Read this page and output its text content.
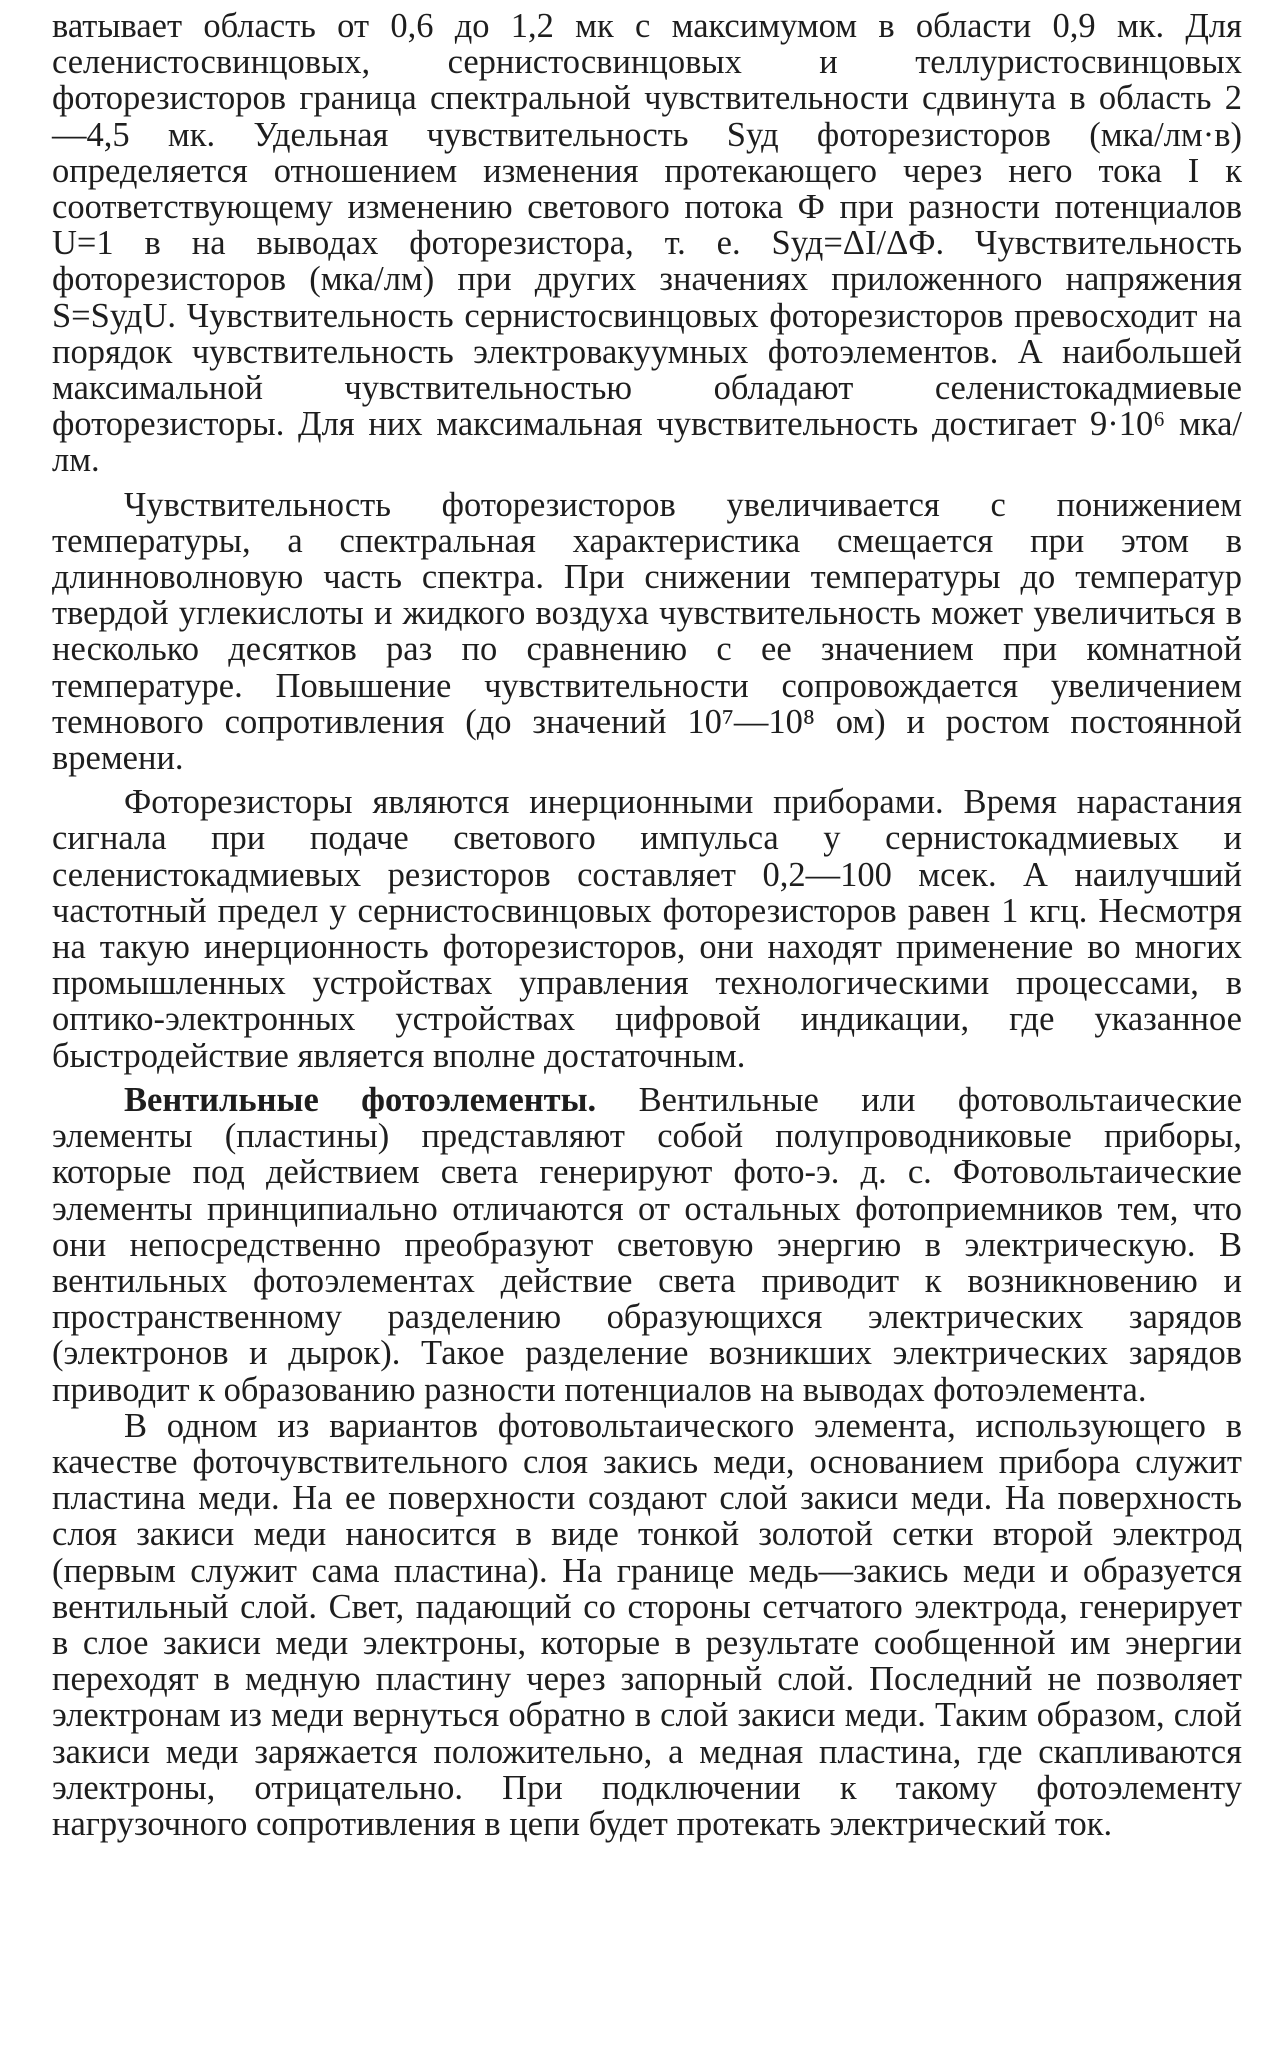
ватывает область от 0,6 до 1,2 мк с максимумом в области 0,9 мк. Для селенистосвинцовых, сернистосвинцовых и теллуристосвинцовых фоторезисторов граница спектральной чувствительности сдвинута в область 2—4,5 мк. Удельная чувствительность Sуд фоторезисторов (мка/лм·в) определяется отношением изменения протекающего через него тока I к соответствующему изменению светового потока Ф при разности потенциалов U=1 в на выводах фоторезистора, т. е. Sуд=ΔI/ΔФ. Чувствительность фоторезисторов (мка/лм) при других значениях приложенного напряжения S=SудU. Чувствительность сернистосвинцовых фоторезисторов превосходит на порядок чувствительность электровакуумных фотоэлементов. А наибольшей максимальной чувствительностью обладают селенистокадмиевые фоторезисторы. Для них максимальная чувствительность достигает 9·10⁶ мка/лм.

Чувствительность фоторезисторов увеличивается с понижением температуры, а спектральная характеристика смещается при этом в длинноволновую часть спектра. При снижении температуры до температур твердой углекислоты и жидкого воздуха чувствительность может увеличиться в несколько десятков раз по сравнению с ее значением при комнатной температуре. Повышение чувствительности сопровождается увеличением темнового сопротивления (до значений 10⁷—10⁸ ом) и ростом постоянной времени.

Фоторезисторы являются инерционными приборами. Время нарастания сигнала при подаче светового импульса у сернистокадмиевых и селенистокадмиевых резисторов составляет 0,2—100 мсек. А наилучший частотный предел у сернистосвинцовых фоторезисторов равен 1 кгц. Несмотря на такую инерционность фоторезисторов, они находят применение во многих промышленных устройствах управления технологическими процессами, в оптико-электронных устройствах цифровой индикации, где указанное быстродействие является вполне достаточным.

Вентильные фотоэлементы. Вентильные или фотовольтаические элементы (пластины) представляют собой полупроводниковые приборы, которые под действием света генерируют фото-э. д. с. Фотовольтаические элементы принципиально отличаются от остальных фотоприемников тем, что они непосредственно преобразуют световую энергию в электрическую. В вентильных фотоэлементах действие света приводит к возникновению и пространственному разделению образующихся электрических зарядов (электронов и дырок). Такое разделение возникших электрических зарядов приводит к образованию разности потенциалов на выводах фотоэлемента.

В одном из вариантов фотовольтаического элемента, использующего в качестве фоточувствительного слоя закись меди, основанием прибора служит пластина меди. На ее поверхности создают слой закиси меди. На поверхность слоя закиси меди наносится в виде тонкой золотой сетки второй электрод (первым служит сама пластина). На границе медь—закись меди и образуется вентильный слой. Свет, падающий со стороны сетчатого электрода, генерирует в слое закиси меди электроны, которые в результате сообщенной им энергии переходят в медную пластину через запорный слой. Последний не позволяет электронам из меди вернуться обратно в слой закиси меди. Таким образом, слой закиси меди заряжается положительно, а медная пластина, где скапливаются электроны, отрицательно. При подключении к такому фотоэлементу нагрузочного сопротивления в цепи будет протекать электрический ток.
